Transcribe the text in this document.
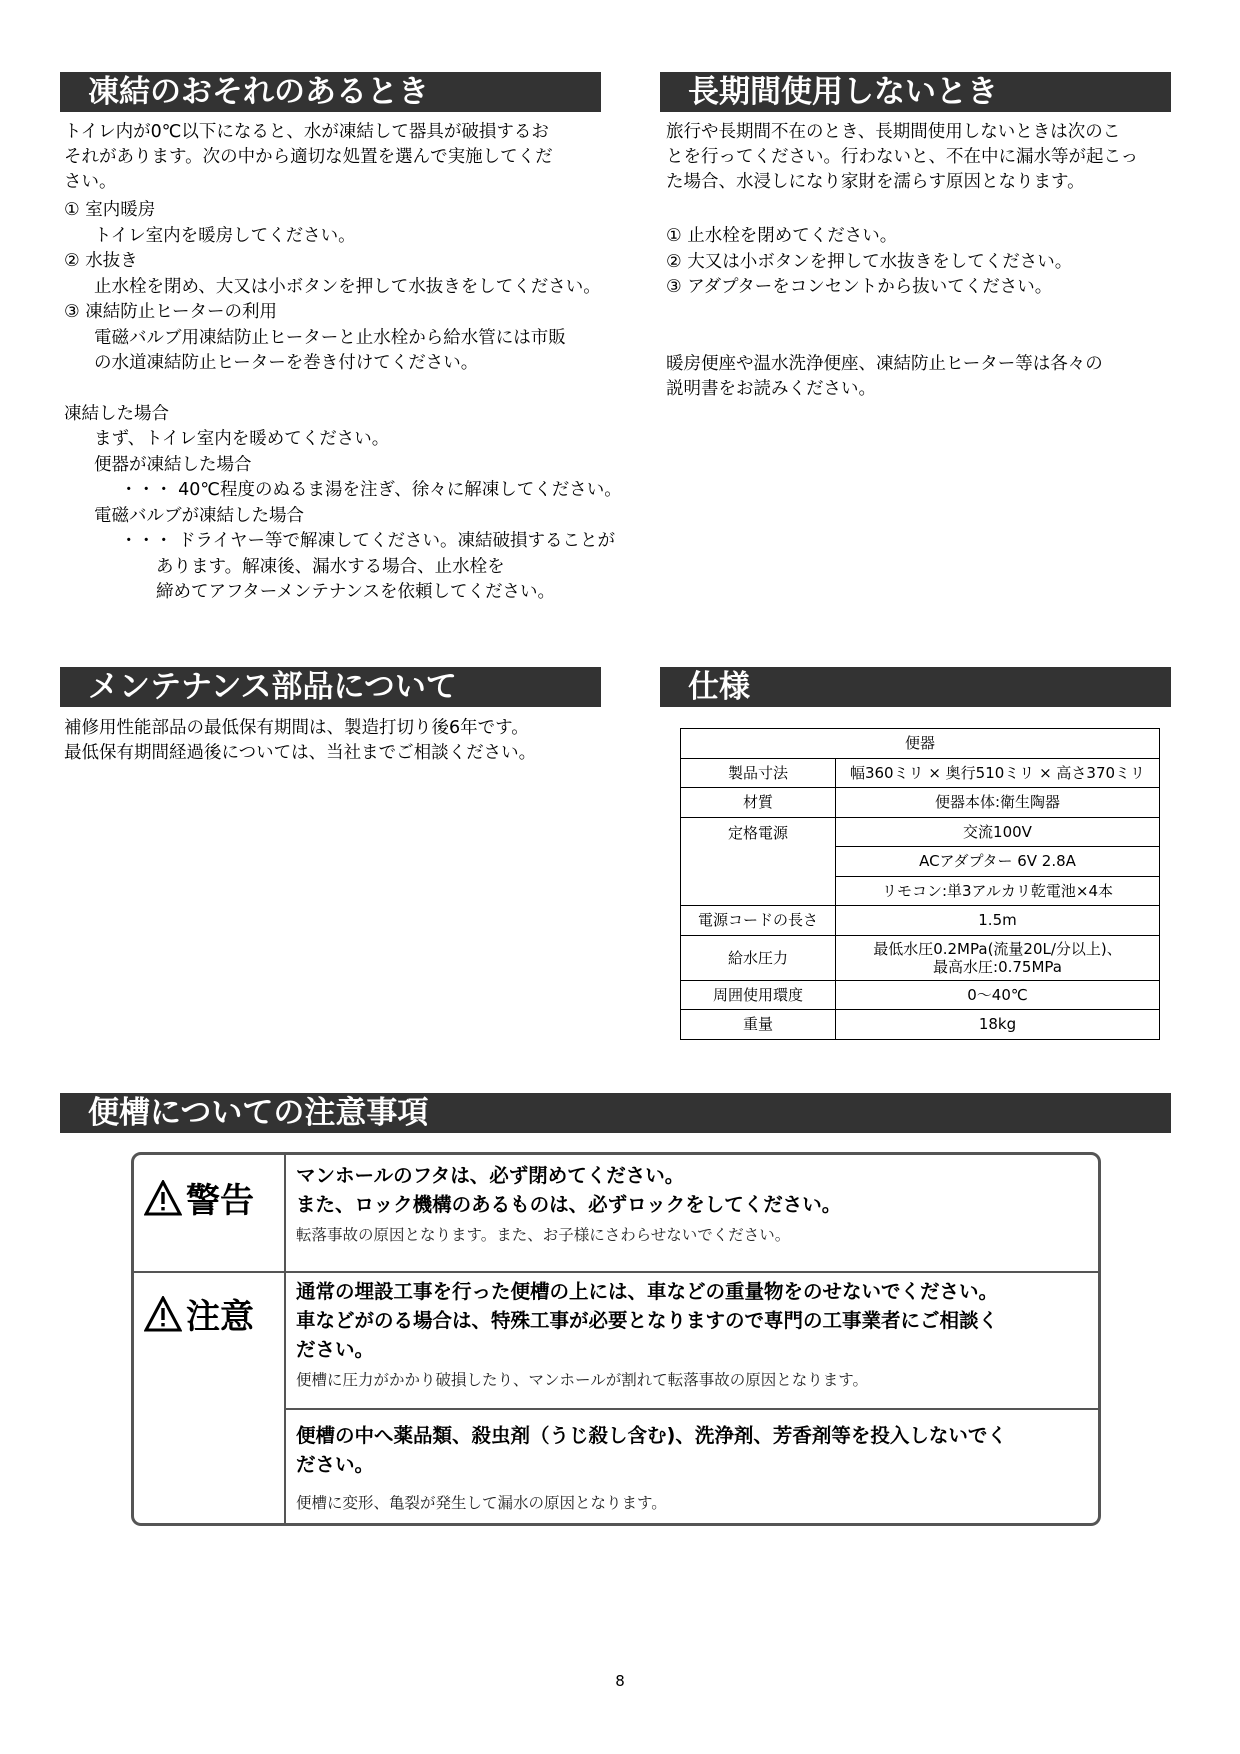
凍結のおそれのあるとき
トイレ内が0℃以下になると、水が凍結して器具が破損するお
それがあります。次の中から適切な処置を選んで実施してくだ
さい。
① 室内暖房
トイレ室内を暖房してください。
② 水抜き
止水栓を閉め、大又は小ボタンを押して水抜きをしてください。
③ 凍結防止ヒーターの利用
電磁バルブ用凍結防止ヒーターと止水栓から給水管には市販
の水道凍結防止ヒーターを巻き付けてください。
凍結した場合
まず、トイレ室内を暖めてください。
便器が凍結した場合
・・・ 40℃程度のぬるま湯を注ぎ、徐々に解凍してください。
電磁バルブが凍結した場合
・・・ ドライヤー等で解凍してください。凍結破損することが
あります。解凍後、漏水する場合、止水栓を
締めてアフターメンテナンスを依頼してください。
長期間使用しないとき
旅行や長期間不在のとき、長期間使用しないときは次のこ
とを行ってください。行わないと、不在中に漏水等が起こっ
た場合、水浸しになり家財を濡らす原因となります。
① 止水栓を閉めてください。
② 大又は小ボタンを押して水抜きをしてください。
③ アダプターをコンセントから抜いてください。
暖房便座や温水洗浄便座、凍結防止ヒーター等は各々の
説明書をお読みください。
メンテナンス部品について
補修用性能部品の最低保有期間は、製造打切り後6年です。
最低保有期間経過後については、当社までご相談ください。
仕様
便器	
製品寸法	幅360ミリ × 奥行510ミリ × 高さ370ミリ
材質	便器本体:衛生陶器
定格電源	交流100V
	ACアダプター 6V 2.8A
	リモコン:単3アルカリ乾電池×4本
電源コードの長さ	1.5m
給水圧力	最低水圧0.2MPa(流量20L/分以上)、
最高水圧:0.75MPa

周囲使用環度	0～40℃
重量	18kg
便槽についての注意事項
警告

マンホールのフタは、必ず閉めてください。

また、ロック機構のあるものは、必ずロックをしてください。

転落事故の原因となります。また、お子様にさわらせないでください。

注意

通常の埋設工事を行った便槽の上には、車などの重量物をのせないでください。

車などがのる場合は、特殊工事が必要となりますので専門の工事業者にご相談く

ださい。

便槽に圧力がかかり破損したり、マンホールが割れて転落事故の原因となります。

便槽の中へ薬品類、殺虫剤（うじ殺し含む)、洗浄剤、芳香剤等を投入しないでく

ださい。

便槽に変形、亀裂が発生して漏水の原因となります。

8
